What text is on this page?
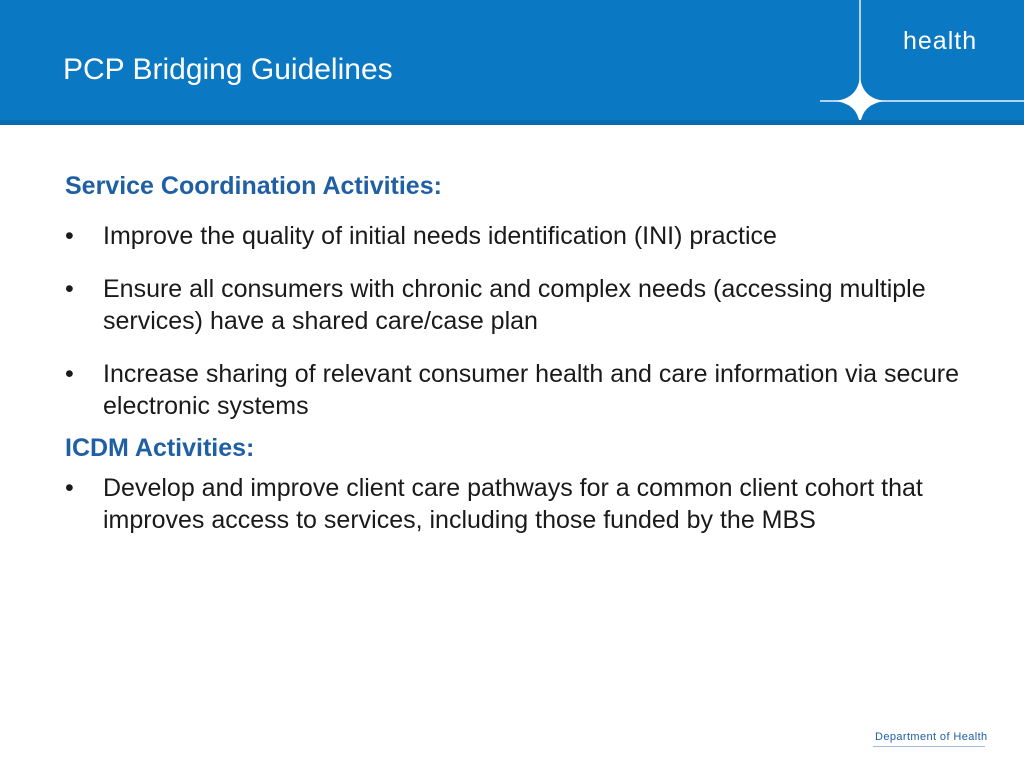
PCP Bridging Guidelines
health
Service Coordination Activities:
• Improve the quality of initial needs identification (INI) practice
• Ensure all consumers with chronic and complex needs (accessing multiple services) have a shared care/case plan
• Increase sharing of relevant consumer health and care information via secure electronic systems
ICDM Activities:
• Develop and improve client care pathways for a common client cohort that improves access to services, including those funded by the MBS
Department of Health
